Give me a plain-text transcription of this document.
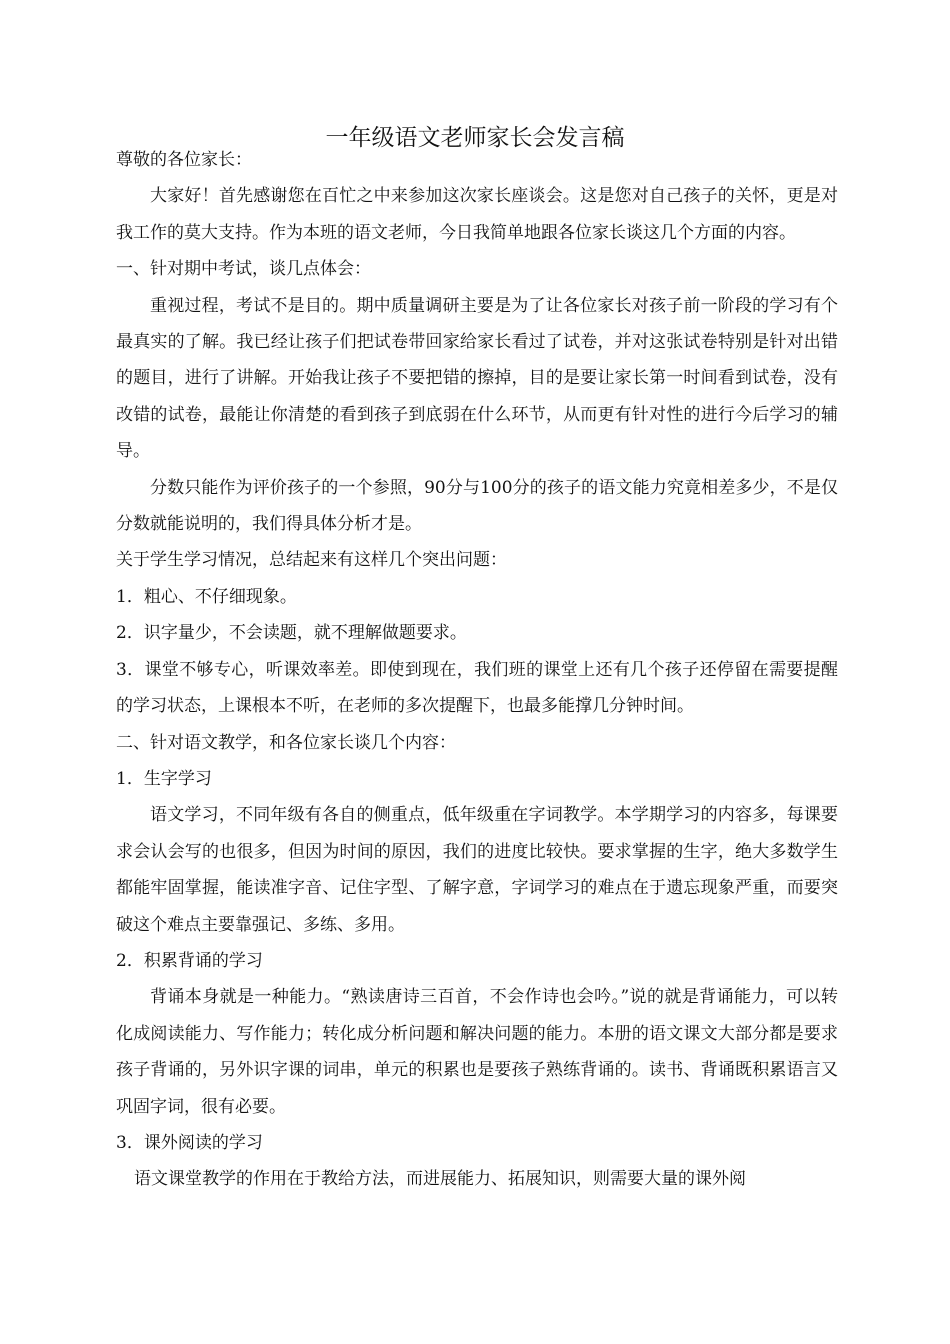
一年级语文老师家长会发言稿

尊敬的各位家长：

大家好！首先感谢您在百忙之中来参加这次家长座谈会。这是您对自己孩子的关怀，更是对我工作的莫大支持。作为本班的语文老师，今日我简单地跟各位家长谈这几个方面的内容。

一、针对期中考试，谈几点体会：

重视过程，考试不是目的。期中质量调研主要是为了让各位家长对孩子前一阶段的学习有个最真实的了解。我已经让孩子们把试卷带回家给家长看过了试卷，并对这张试卷特别是针对出错的题目，进行了讲解。开始我让孩子不要把错的擦掉，目的是要让家长第一时间看到试卷，没有改错的试卷，最能让你清楚的看到孩子到底弱在什么环节，从而更有针对性的进行今后学习的辅导。

分数只能作为评价孩子的一个参照，90分与100分的孩子的语文能力究竟相差多少，不是仅分数就能说明的，我们得具体分析才是。

关于学生学习情况，总结起来有这样几个突出问题：

1．粗心、不仔细现象。

2．识字量少，不会读题，就不理解做题要求。

3．课堂不够专心，听课效率差。即使到现在，我们班的课堂上还有几个孩子还停留在需要提醒的学习状态，上课根本不听，在老师的多次提醒下，也最多能撑几分钟时间。

二、针对语文教学，和各位家长谈几个内容：

1．生字学习

语文学习，不同年级有各自的侧重点，低年级重在字词教学。本学期学习的内容多，每课要求会认会写的也很多，但因为时间的原因，我们的进度比较快。要求掌握的生字，绝大多数学生都能牢固掌握，能读准字音、记住字型、了解字意，字词学习的难点在于遗忘现象严重，而要突破这个难点主要靠强记、多练、多用。

2．积累背诵的学习

背诵本身就是一种能力。“熟读唐诗三百首，不会作诗也会吟。”说的就是背诵能力，可以转化成阅读能力、写作能力；转化成分析问题和解决问题的能力。本册的语文课文大部分都是要求孩子背诵的，另外识字课的词串，单元的积累也是要孩子熟练背诵的。读书、背诵既积累语言又巩固字词，很有必要。

3．课外阅读的学习

语文课堂教学的作用在于教给方法，而进展能力、拓展知识，则需要大量的课外阅
